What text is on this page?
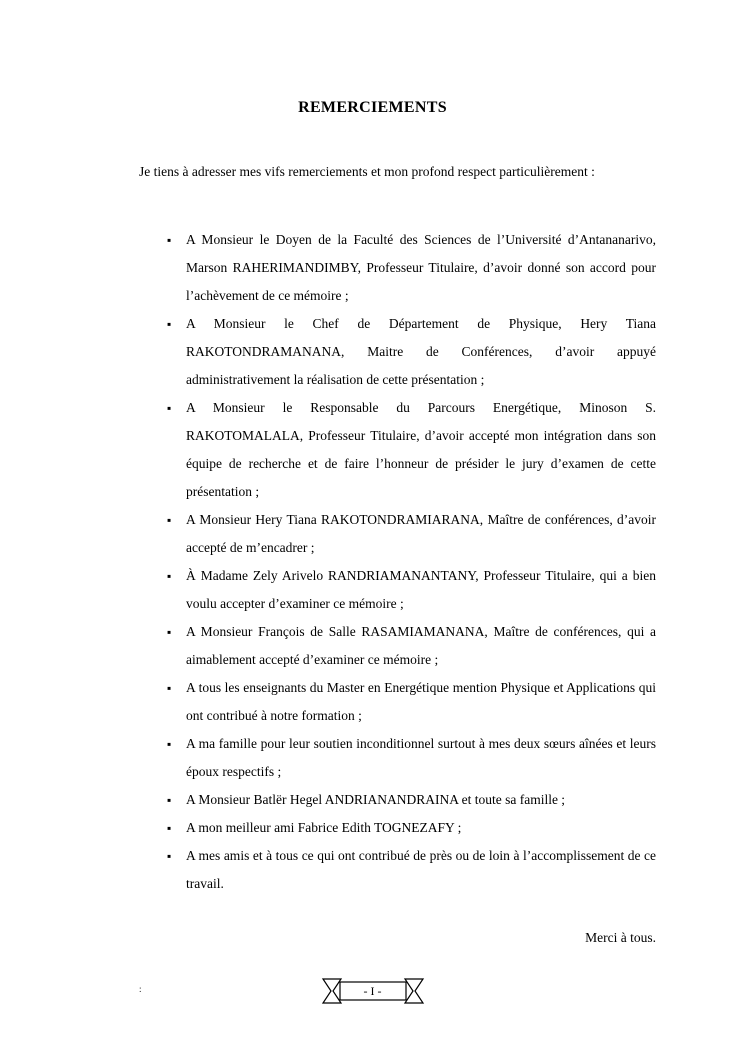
REMERCIEMENTS

Je tiens à adresser mes vifs remerciements et mon profond respect particulièrement :

▪ A Monsieur le Doyen de la Faculté des Sciences de l’Université d’Antananarivo, Marson RAHERIMANDIMBY, Professeur Titulaire, d’avoir donné son accord pour l’achèvement de ce mémoire ;
▪ A Monsieur le Chef de Département de Physique, Hery Tiana RAKOTONDRAMANANA, Maitre de Conférences, d’avoir appuyé administrativement la réalisation de cette présentation ;
▪ A Monsieur le Responsable du Parcours Energétique, Minoson S. RAKOTOMALALA, Professeur Titulaire, d’avoir accepté mon intégration dans son équipe de recherche et de faire l’honneur de présider le jury d’examen de cette présentation ;
▪ A Monsieur Hery Tiana RAKOTONDRAMIARANA, Maître de conférences, d’avoir accepté de m’encadrer ;
▪ À Madame Zely Arivelo RANDRIAMANANTANY, Professeur Titulaire, qui a bien voulu accepter d’examiner ce mémoire ;
▪ A Monsieur François de Salle RASAMIAMANANA, Maître de conférences, qui a aimablement accepté d’examiner ce mémoire ;
▪ A tous les enseignants du Master en Energétique mention Physique et Applications qui ont contribué à notre formation ;
▪ A ma famille pour leur soutien inconditionnel surtout à mes deux sœurs aînées et leurs époux respectifs ;
▪ A Monsieur Batlër Hegel ANDRIANANDRAINA et toute sa famille ;
▪ A mon meilleur ami Fabrice Edith TOGNEZAFY ;
▪ A mes amis et à tous ce qui ont contribué de près ou de loin à l’accomplissement de ce travail.
Merci à tous.
:	- I -
